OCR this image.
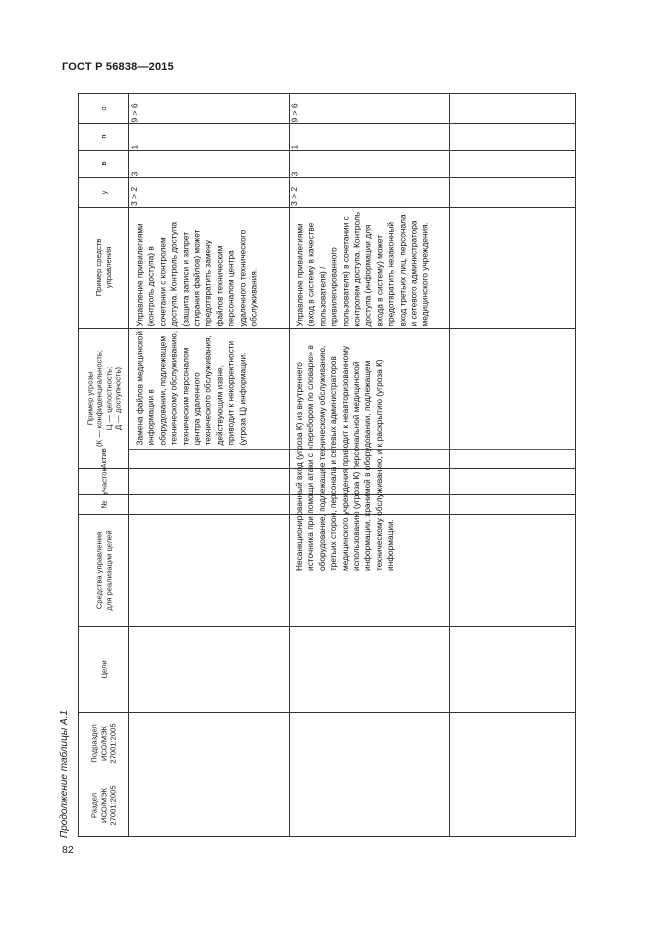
ГОСТ Р 56838—2015
82
Продолжение таблицы А.1
о
п
в
у
Пример средств управления
Пример угрозы (К — конфиденциальность; Ц — целостность; Д — доступность)
Актив
участок
№
Средства управления для реализации целей
Цели
Подраздел ИСО/МЭК 27001:2005
Раздел ИСО/МЭК 27001:2005
9 > 6
1
3
3 > 2
Управление привилегиями (контроль доступа) в сочетании с контролем доступа. Контроль доступа (защита записи и запрет стирания файлов) может предотвратить замену файлов техническим персоналом центра удаленного технического обслуживания.
Замена файлов медицинской информации в оборудовании, подлежащем техническому обслуживанию, техническим персоналом центра удаленного технического обслуживания, действующим извне, приводит к некорректности (угроза Ц) информации.
9 > 6
1
3
3 > 2
Управление привилегиями (вход в систему в качестве пользователя) / привилегированного пользователя) в сочетании с контролем доступа. Контроль доступа (информации для входа в систему) может предотвратить незаконный вход третьих лиц, персонала и сетевого администратора медицинского учреждения.
Несанкционированный вход (угроза К) из внутреннего источника при помощи атаки с «перебором по словарю» в оборудование, подлежащее техническому обслуживанию, третьих сторон, персонала и сетевых администраторов медицинского учреждения приводит к неавторизованному использованию (угроза К) персональной медицинской информации, хранимой в оборудовании, подлежащем техническому обслуживанию, и к раскрытию (угроза К) информации.
